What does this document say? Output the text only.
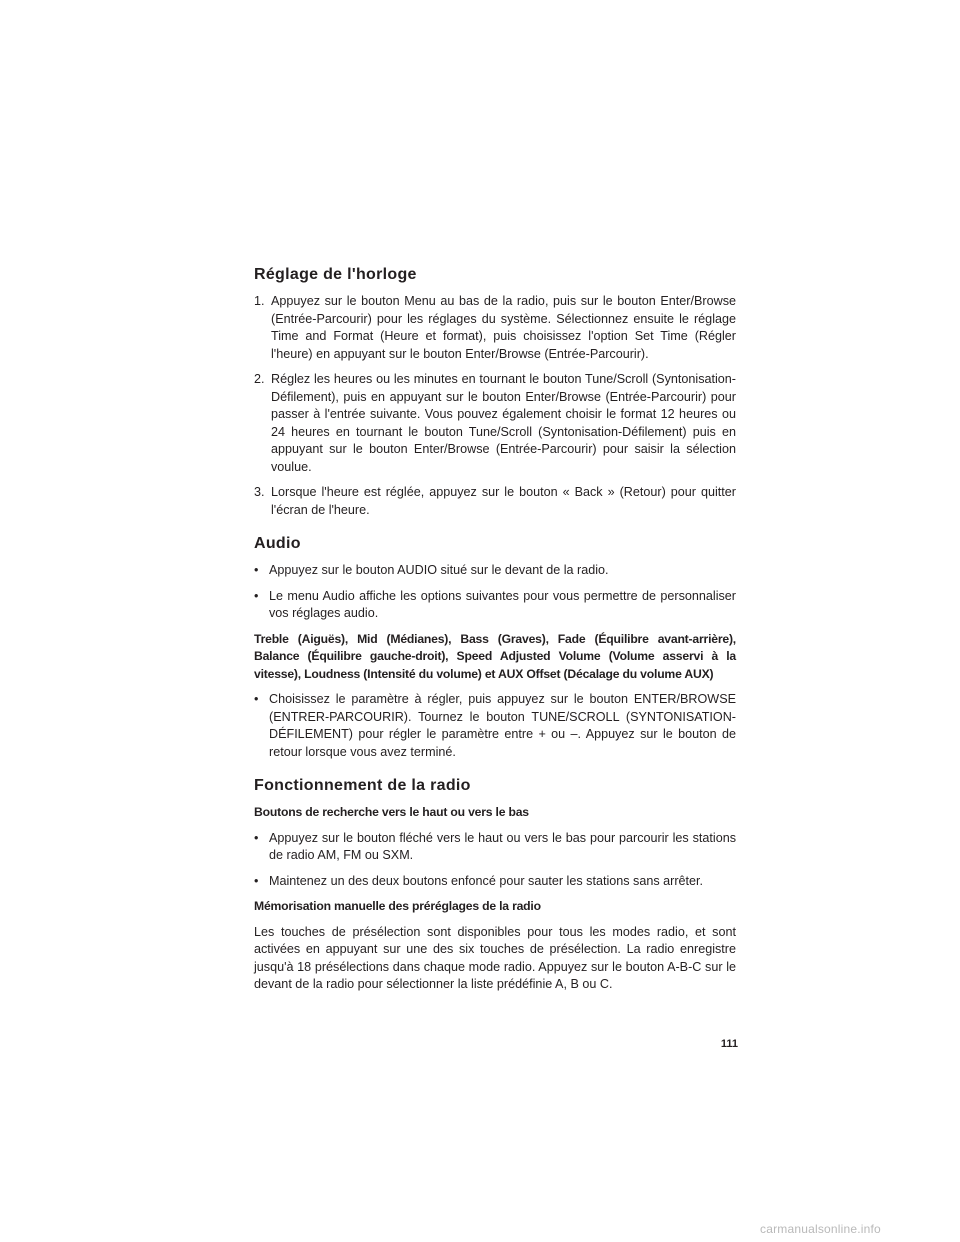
Réglage de l'horloge
1. Appuyez sur le bouton Menu au bas de la radio, puis sur le bouton Enter/Browse (Entrée-Parcourir) pour les réglages du système. Sélectionnez ensuite le réglage Time and Format (Heure et format), puis choisissez l'option Set Time (Régler l'heure) en appuyant sur le bouton Enter/Browse (Entrée-Parcourir).
2. Réglez les heures ou les minutes en tournant le bouton Tune/Scroll (Syntonisation-Défilement), puis en appuyant sur le bouton Enter/Browse (Entrée-Parcourir) pour passer à l'entrée suivante. Vous pouvez également choisir le format 12 heures ou 24 heures en tournant le bouton Tune/Scroll (Syntonisation-Défilement) puis en appuyant sur le bouton Enter/Browse (Entrée-Parcourir) pour saisir la sélection voulue.
3. Lorsque l'heure est réglée, appuyez sur le bouton « Back » (Retour) pour quitter l'écran de l'heure.
Audio
• Appuyez sur le bouton AUDIO situé sur le devant de la radio.
• Le menu Audio affiche les options suivantes pour vous permettre de personnaliser vos réglages audio.

Treble (Aiguës), Mid (Médianes), Bass (Graves), Fade (Équilibre avant-arrière), Balance (Équilibre gauche-droit), Speed Adjusted Volume (Volume asservi à la vitesse), Loudness (Intensité du volume) et AUX Offset (Décalage du volume AUX)

• Choisissez le paramètre à régler, puis appuyez sur le bouton ENTER/BROWSE (ENTRER-PARCOURIR). Tournez le bouton TUNE/SCROLL (SYNTONISATION-DÉFILEMENT) pour régler le paramètre entre + ou –. Appuyez sur le bouton de retour lorsque vous avez terminé.
Fonctionnement de la radio

Boutons de recherche vers le haut ou vers le bas

• Appuyez sur le bouton fléché vers le haut ou vers le bas pour parcourir les stations de radio AM, FM ou SXM.
• Maintenez un des deux boutons enfoncé pour sauter les stations sans arrêter.

Mémorisation manuelle des préréglages de la radio

Les touches de présélection sont disponibles pour tous les modes radio, et sont activées en appuyant sur une des six touches de présélection. La radio enregistre jusqu'à 18 présélections dans chaque mode radio. Appuyez sur le bouton A-B-C sur le devant de la radio pour sélectionner la liste prédéfinie A, B ou C.

111
carmanualsonline.info
